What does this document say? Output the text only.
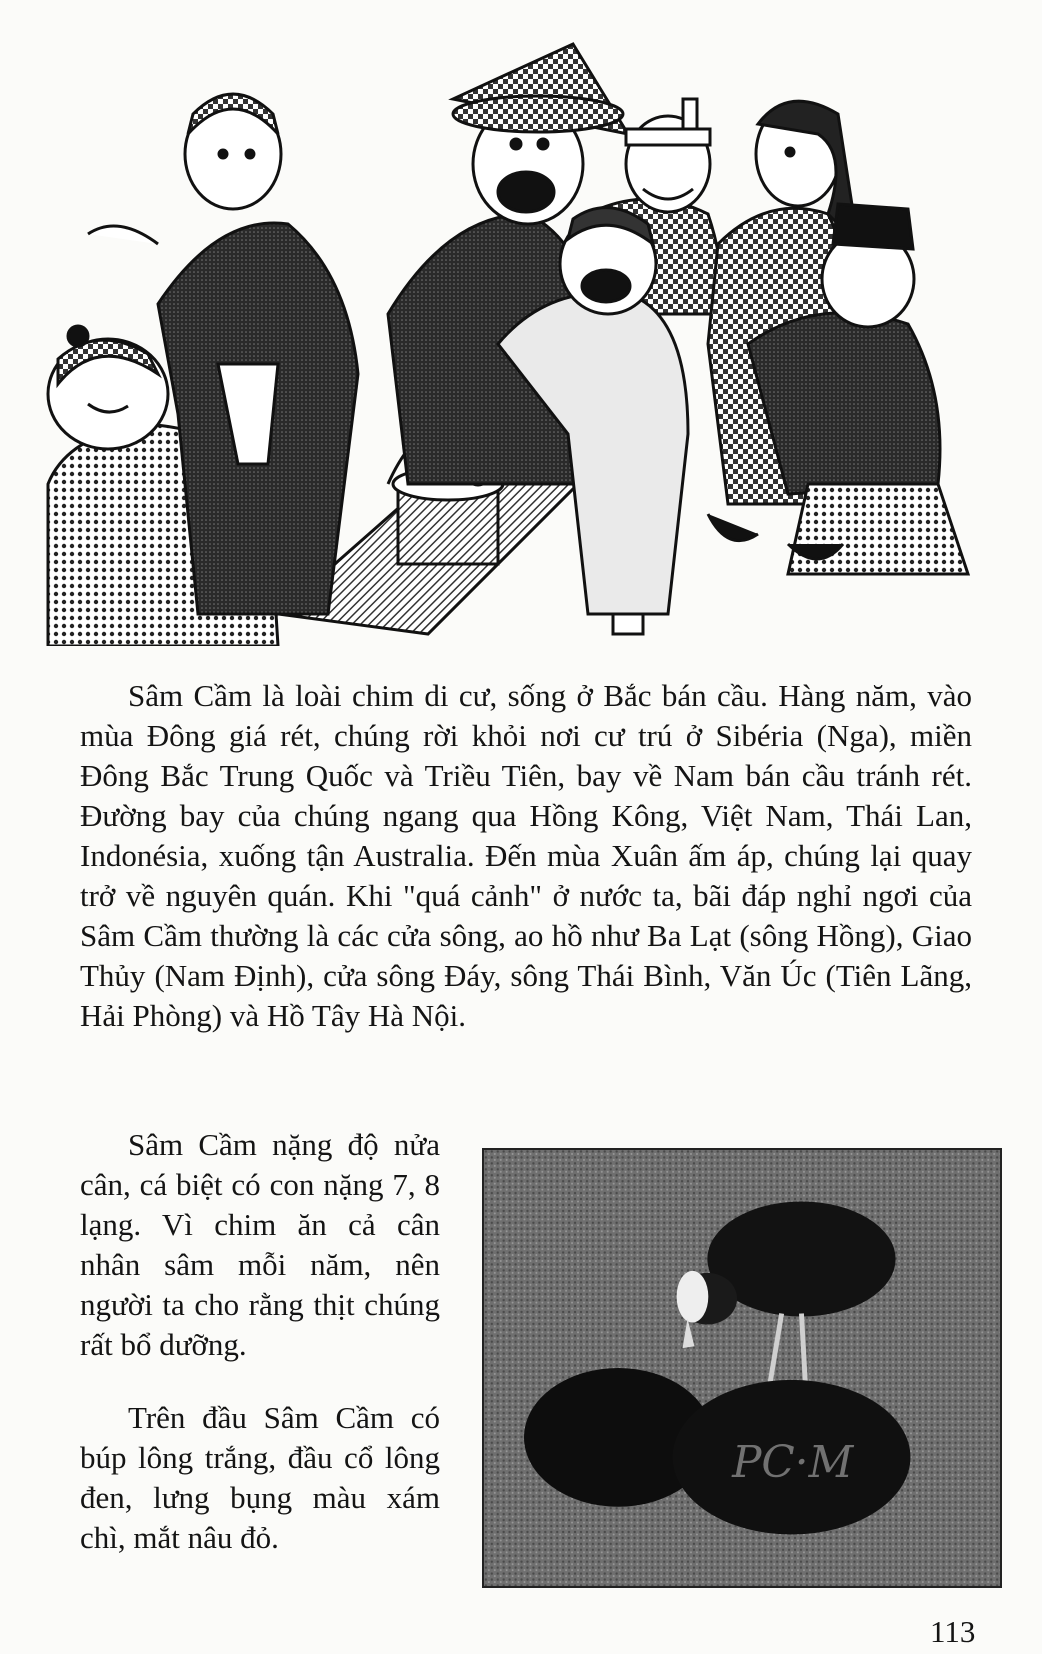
Sâm Cầm là loài chim di cư, sống ở Bắc bán cầu. Hàng năm, vào mùa Đông giá rét, chúng rời khỏi nơi cư trú ở Sibéria (Nga), miền Đông Bắc Trung Quốc và Triều Tiên, bay về Nam bán cầu tránh rét. Đường bay của chúng ngang qua Hồng Kông, Việt Nam, Thái Lan, Indonésia, xuống tận Australia. Đến mùa Xuân ấm áp, chúng lại quay trở về nguyên quán. Khi "quá cảnh" ở nước ta, bãi đáp nghỉ ngơi của Sâm Cầm thường là các cửa sông, ao hồ như Ba Lạt (sông Hồng), Giao Thủy (Nam Định), cửa sông Đáy, sông Thái Bình, Văn Úc (Tiên Lãng, Hải Phòng) và Hồ Tây Hà Nội.

Sâm Cầm nặng độ nửa cân, cá biệt có con nặng 7, 8 lạng. Vì chim ăn cả cân nhân sâm mỗi năm, nên người ta cho rằng thịt chúng rất bổ dưỡng.

Trên đầu Sâm Cầm có búp lông trắng, đầu cổ lông đen, lưng bụng màu xám chì, mắt nâu đỏ.

PC·M
113
